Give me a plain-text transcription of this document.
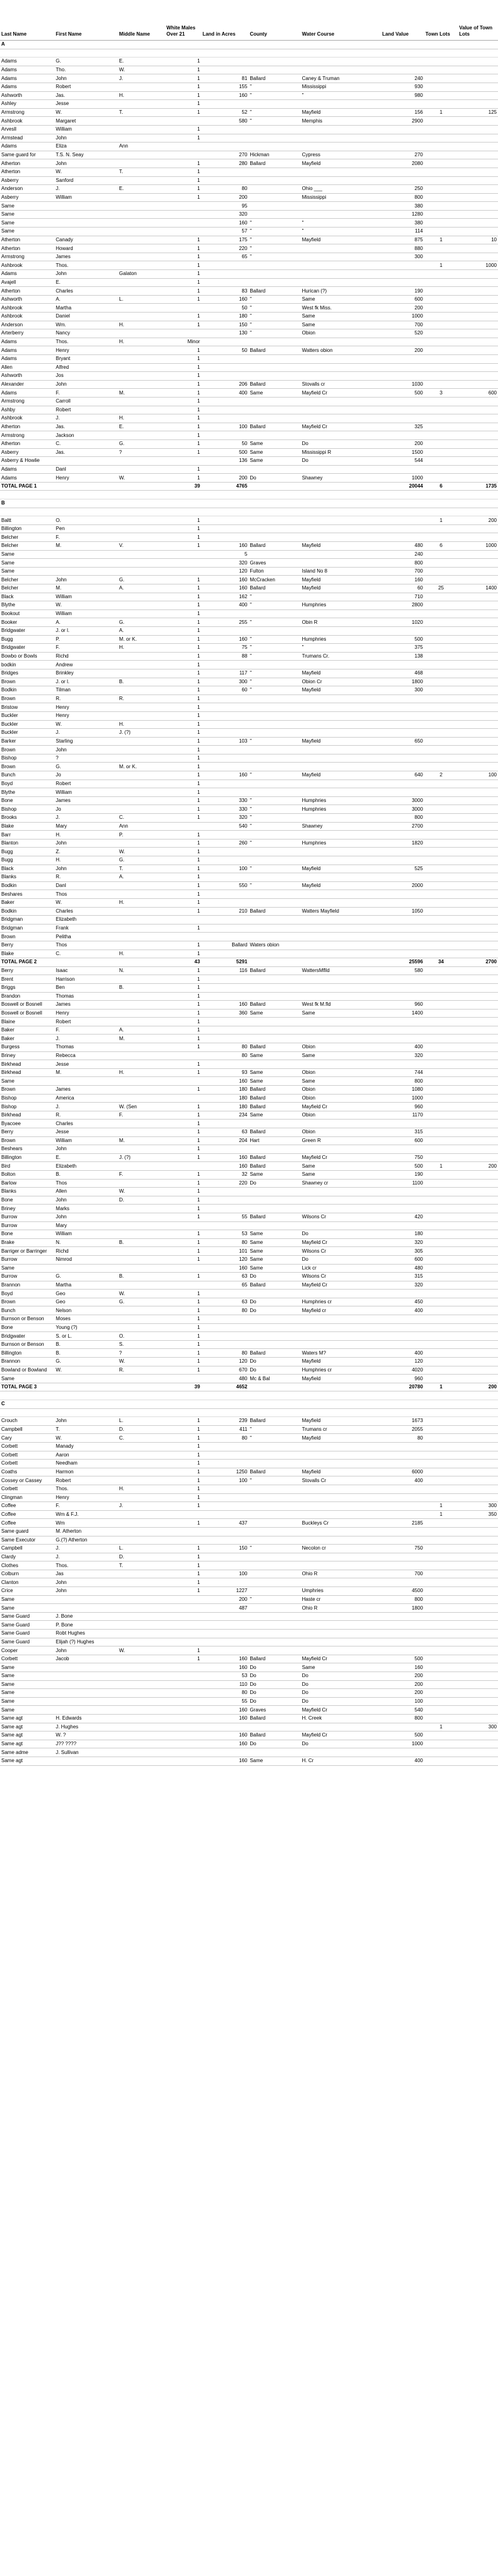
Last Name	First Name	Middle Name	White Males Over 21	Land in Acres	County	Water Course	Land Value	Town Lots	Value of Town Lots
A									

Adams	G.	E.	1						
Adams	Tho.	W.	1						
Adams	John	J.	1	81	Ballard	Caney & Truman	240		
Adams	Robert		1	155	"	Mississippi	930		
Ashworth	Jas.	H.	1	160	"	"	980		
Ashley	Jesse		1						
Armstrong	W.	T.	1	52	"	Mayfield	156	1	125
Ashbrook	Margaret			580	"	Memphis	2900		
Arvesll	William		1						
Armstead	John		1						
Adams	Eliza	Ann							
Same guard for	T.S. N. Seay			270	Hickman	Cypress	270		
Atherton	John		1	280	Ballard	Mayfield	2080		
Atherton	W.	T.	1						
Asberry	Sanford		1						
Anderson	J.	E.	1	80		Ohio ___	250		
Asberry	William		1	200		Mississippi	800		
Same				95			380		
Same				320			1280		
Same				160	"	"	380		
Same				57	"	"	114		
Atherton	Canady		1	175	"	Mayfield	875	1	10
Atherton	Howard		1	220	"		880		
Armstrong	James		1	65	"		300		
Ashbrook	Thos.		1					1	1000
Adams	John	Galaton	1						
Avajell	E.		1						
Atherton	Charles		1	83	Ballard	Hurican (?)	190		
Ashworth	A.	L.	1	160	"	Same	600		
Ashbrook	Martha			50	"	West fk Miss.	200		
Ashbrook	Daniel		1	180	"	Same	1000		
Anderson	Wm.	H.	1	150	"	Same	700		
Arterberry	Nancy			130	"	Obion	520		
Adams	Thos.	H.	Minor						
Adams	Henry		1	50	Ballard	Watters obion	200		
Adams	Bryant		1						
Allen	Alfred		1						
Ashworth	Jos		1						
Alexander	John		1	206	Ballard	Stovalls cr	1030		
Adams	F.	M.	1	400	Same	Mayfield Cr	500	3	600
Armstrong	Carroll		1						
Ashby	Robert		1						
Ashbrook	J.	H.	1						
Atherton	Jas.	E.	1	100	Ballard	Mayfield Cr	325		
Armstrong	Jackson		1						
Atherton	C.	G.	1	50	Same	Do	200		
Asberry	Jas.	?	1	500	Same	Mississippi R	1500		
Asberry & Howlie				136	Same	Do	544		
Adams	Danl		1						
Adams	Henry	W.	1	200	Do	Shawney	1000		
TOTAL PAGE 1			39	4765			20044	6	1735

B									

Baltt	O.		1					1	200
Billington	Pen		1						
Belcher	F.		1						
Belcher	M.	V.	1	160	Ballard	Mayfield	480	6	1000
Same				5			240		
Same				320	Graves		800		
Same				120	Fulton	Island No 8	700		
Belcher	John	G.	1	160	McCracken	Mayfield	160		
Belcher	M.	A.	1	160	Ballard	Mayfield	60	25	1400
Black	William		1	162	"		710		
Blythe	W.		1	400	"	Humphries	2800		
Bookout	William		1						
Booker	A.	G.	1	255	"	Obin R	1020		
Bridgwater	J. or l.	A.	1						
Bugg	P.	M. or K.	1	160	"	Humphries	500		
Bridgwater	F.	H.	1	75	"	"	375		
Bowbo or Bowls	Richd		1	88	"	Trumans Cr.	138		
bodkin	Andrew		1						
Bridges	Brinkley		1	117	"	Mayfield	468		
Brown	J. or l.	B.	1	300	"	Obion Cr	1800		
Bodkin	Tilman		1	60	"	Mayfield	300		
Brown	R.	R.	1						
Bristow	Henry		1						
Buckler	Henry		1						
Buckler	W.	H.	1						
Buckler	J.	J. (?)	1						
Barker	Starling		1	103	"	Mayfield	650		
Brown	John		1						
Bishop	?		1						
Brown	G.	M. or K.	1						
Bunch	Jo		1	160	"	Mayfield	640	2	100
Boyd	Robert		1						
Blythe	William		1						
Bone	James		1	330	"	Humphries	3000		
Bishop	Jo		1	330	"	Humphries	3000		
Brooks	J.	C.	1	320	"		800		
Blake	Mary	Ann		540	"	Shawney	2700		
Barr	H.	P.	1						
Blanton	John		1	260	"	Humphries	1820		
Bugg	Z.	W.	1						
Bugg	H.	G.	1						
Black	John	T.	1	100	"	Mayfield	525		
Blanks	R.	A.	1						
Bodkin	Danl		1	550	"	Mayfield	2000		
Beshares	Thos		1						
Baker	W.	H.	1						
Bodkin	Charles		1	210	Ballard	Watters Mayfield	1050		
Bridgman	Elizabeth								
Bridgman	Frank		1						
Brown	Pelitha								
Berry	Thos		1	Ballard	Waters obion				
Blake	C.	H.	1						
TOTAL PAGE 2			43	5291			25596	34	2700
Berry	Isaac	N.	1	116	Ballard	WattersMflld	580		
Brent	Harrison		1						
Briggs	Ben	B.	1						
Brandon	Thomas		1						
Boswell or Bosnell	James		1	160	Ballard	West fk M.fld	960		
Boswell or Bosnell	Henry		1	360	Same	Same	1400		
Blaine	Robert		1						
Baker	F.	A.	1						
Baker	J.	M.	1						
Burgess	Thomas		1	80	Ballard	Obion	400		
Briney	Rebecca			80	Same	Same	320		
Birkhead	Jesse		1						
Birkhead	M.	H.	1	93	Same	Obion	744		
Same				160	Same	Same	800		
Brown	James		1	180	Ballard	Obion	1080		
Bishop	America			180	Ballard	Obion	1000		
Bishop	J.	W. (Sen	1	180	Ballard	Mayfield Cr	960		
Birkhead	R.	F.	1	234	Same	Obion	1170		
Byacoee	Charles		1						
Berry	Jesse		1	63	Ballard	Obion	315		
Brown	William	M.	1	204	Hart	Green R	600		
Beshears	John		1						
Billington	E.	J. (?)	1	160	Ballard	Mayfield Cr	750		
Bird	Elizabeth			160	Ballard	Same	500	1	200
Bolton	B.	F.	1	32	Same	Same	190		
Barlow	Thos		1	220	Do	Shawney cr	1100		
Blanks	Allen	W.	1						
Bone	John	D.	1						
Briney	Marks		1						
Burrow	John		1	55	Ballard	Wilsons Cr	420		
Burrow	Mary								
Bone	William		1	53	Same	Do	180		
Brake	N.	B.	1	80	Same	Mayfield Cr	320		
Barriger or Barringer	Richd		1	101	Same	Wilsons Cr	305		
Burrow	Nimrod		1	120	Same	Do	600		
Same				160	Same	Lick cr	480		
Burrow	G.	B.	1	63	Do	Wilsons Cr	315		
Brannon	Martha			65	Ballard	Mayfield Cr	320		
Boyd	Geo	W.	1						
Brown	Geo	G.	1	63	Do	Humphries cr	450		
Bunch	Nelson		1	80	Do	Mayfield cr	400		
Burnson or Benson	Moses		1						
Bone	Young (?)		1						
Bridgwater	S. or L.	O.	1						
Burnson or Benson	B.	S.	1						
Billington	B.	?	1	80	Ballard	Waters M?	400		
Brannon	G.	W.	1	120	Do	Mayfield	120		
Bowland or Bowland	W.	R.	1	670	Do	Humphries cr	4020		
Same				480	Mc & Bal	Mayfield	960		
TOTAL PAGE 3			39	4652			20780	1	200

C									

Crouch	John	L.	1	239	Ballard	Mayfield	1673		
Campbell	T.	D.	1	411	"	Trumans cr	2055		
Cary	W.	C.	1	80	"	Mayfield	80		
Corbett	Manady		1						
Corbett	Aaron		1						
Corbett	Needham		1						
Coaths	Harmon		1	1250	Ballard	Mayfield	6000		
Cossey or Cassey	Robert		1	100	"	Stovalls Cr	400		
Corbett	Thos.	H.	1						
Clingman	Henry		1						
Coffee	F.	J.	1					1	300
Coffee	Wm & F.J.							1	350
Coffee	Wm		1	437		Buckleys Cr	2185		
Same guard	M. Atherton								
Same Executor	G.(?) Atherton								
Campbell	J.	L.	1	150	"	Necolon cr	750		
Clardy	J.	D.	1						
Clothes	Thos.	T.	1						
Colburn	Jas		1	100		Ohio R	700		
Clanton	John		1						
Crice	John		1	1227		Umphries	4500		
Same				200	"	Haste cr	800		
Same				487		Ohio R	1800		
Same Guard	J. Bone								
Same Guard	P. Bone								
Same Guard	Robt Hughes								
Same Guard	Elijah (?) Hughes								
Cooper	John	W.	1						
Corbett	Jacob		1	160	Ballard	Mayfield Cr	500		
Same				160	Do	Same	160		
Same				53	Do	Do	200		
Same				110	Do	Do	200		
Same				80	Do	Do	200		
Same				55	Do	Do	100		
Same				160	Graves	Mayfield Cr	540		
Same agt	H. Edwards			160	Ballard	H. Creek	800		
Same agt	J. Hughes							1	300
Same agt	W. ?			160	Ballard	Mayfield Cr	500		
Same agt	J?? ????			160	Do	Do	1000		
Same adme	J. Sullivan								
Same agt				160	Same	H. Cr	400		
